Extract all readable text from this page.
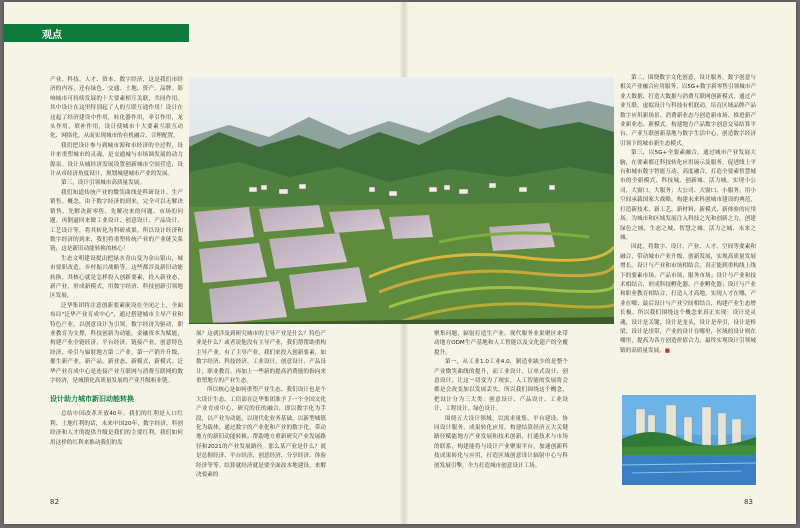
观点

产业、科技、人才、资本、数字经济，这是我们市经济的内容，还有绿色、交通、土地、资产、品牌。影响城市可持续发展的十大要素相互关联，共同作用。其中设计在这里特别起了人的互联互通作用！设计在这起了经济建设中作用，转化器作用，牵引作用，龙头作用，填补作用，设计使城市十大要素互联互动化、网络化，从而实现城市的有机融合、合理配置。

我们把设计参与到城市源和市经济的全过程，设计来重塑城市的灵魂，是交通城与市场调发展的动力源泉。设计从城经济发展设置创新城市空间营造，设计从市经济角度设计，规划城建城市产业的发展。

第三，设计引领城市高质量发展。

我们知道传统产业的微笑曲线是科研设计、生产销售。概念，由于数字经济的到来，完全可以无解决销售、先解决新零售、先解决来的问题、市场的问题。再倒逼回来做工业设计、创意设计、产品设计、工艺设计等，将其转化为科研成果。所以设计经济和数字经济的到来，我们将重塑传统产业的产业链关系链，这是新旧动能转换的核心！

生态文明建设提出把绿水青山变为金山银山，城市要职改造，乡村振兴战略等，这些都涉及新旧动能转换。其核心就是怎样投入创新要素，投入新业态，新产业，形成新模式，用数字经济、科技创新引领地区发展。

泛华集团将注意创新要素嵌设在全闭之上，全面布局"泛华产业育成中心"，通过搭建城市主导产业和特色产业，以创意设计为引领，数字经济为驱动，职业教育为支撑，科技创新为动能，金融资本为赋能，构建产业全链经济，平台经济，链接产业，创意特色经济，牵引与辐射地方第二产业，第一产销升升级，催生新产业，新产品，新业态，新模式，新模式。泛华产业育成中心是连接产业互联网与消费互联网的数字经济，是城镇化高质量发展的产业升级租业链。

设计助力城市新旧动能转换

总结中国改革开放40年，我们的红利是人口红利、土地红利的话，未来中国20年，数字经济、科创经济和人才的提供升级是我们的主要红利。我们如何用这样的红利来推动我们的发

展？这就涉及到研究城市的主导产业是什么？特色产业是什么？或者说他没有主导产业，我们帮帮助重构主导产业。有了主导产业，我们来投入创新要素，如数字经济、科技经济、工业设计、创意设计、产品设计，职业教育、再加上一些新的提高消费能的指向来重塑地方的产业生态。

所以核心是如何重塑产业生态。我们设计也是个大设计生态。工信部在泛华集团准予了一个全国文化产业育成中心，研究的任的融合，即以数字化为手段，以产业为动能，以现代化业务基础，以新型城镇化为载体，通过数字的产业化和产业的数字化，带动地方的新旧动能转换。帮助地方重新研究产业发展路径和2021的产业发展路径。那么某产业是什么？就是总据经济、平台经济、创意经济、分享经济、体验经济等等。结算就经济就是要全面改本地建设，来解决要素的

聚集问题，辐射打造生产业、现代服务业果聚区来带动地方ODM生产基地和人工智能以及文化遗产的全覆提升。

第一，从工业1.0工业4.0、制造业缺少的是整个产业微笑曲线的提升，而工业设计、订单式设计、创意设计，让这一切变为了现实，人工智能的发展将会都是会改变加以发展丢失。所以我们围绕这个概念，把设计分为三大类：创意设计、产品设计、工业设计、工程设计、绿色设计。

围绕五大设计领域，以需求量集、平台建设、协同设计服务、成果转化应用，构建结算经济五大关键路径赋能地方产业发展和技术创新，打通技术与市场的联系，构建能将与设计产业聚果平台，加速创新科技成果转化与应用，打造区域创意设计辐射中心与科创发展引擎，全力打造城市创意设计工场。

第二，围绕数字文化创意，设计服务，数字创意与相关产业融合应用服务，以5G+数字新零售引领城市产业大数据、打造大数据与消费互联网创新模式，通过产业互联，虚拟设计与科技有机联动，培育区域品牌产品数字应用新场景、消费新业态与创造新市场、推进新产业新业态、新模式。构建地方产品数字创意交易结算平台、产业互联创新基地与数字生活中心，创造数字经济引领下的城市新生态模式。

第三，以5G+全要素融合，通过城市产业发展大脑，在要素都迁科技转化应用展示及服务，促进线上平台和城市数字智能互动、高度融合，打造全要素智慧城市的全新模式，科技城、创新城、活力城。实现小公司，大窗口，大服务；大公司、大窗口、小服务。用小空间承载国家大战略。构建未来科创城市建设的典范，打造新技术、新工艺、新材料、新模式、新体验的应用场。为城市和区域发展注入科技之光和创新之力，创建绿色之城、生态之城、智慧之城、活力之城、未来之城。

因此，将数字、设计、产业、人才、空间等要素和融合，带动城市产业升级，创新发展，实现高质量发展增长。设计与产业和市场相结合，真正能到重构线上线下的要素市场、产品市场、服务市场；设计与产业和技术相结合，形成科技孵化器、产业孵化器；设计与产业和职业教育相结合，打造人才高地，实现人才在哪，产业在哪；最后设计与产业空间相结合，构建产业生态增长极。所以我们围绕这个概念来真正实现：设计是灵魂，设计是关键，设计是龙头，设计是牵引，设计是桥梁，设计是纽带，产业的设计在哪里，区域的设计则在哪里，提高为各方创造价值合力，最终实现设计引领城镇的高质量发展。■

82	83
